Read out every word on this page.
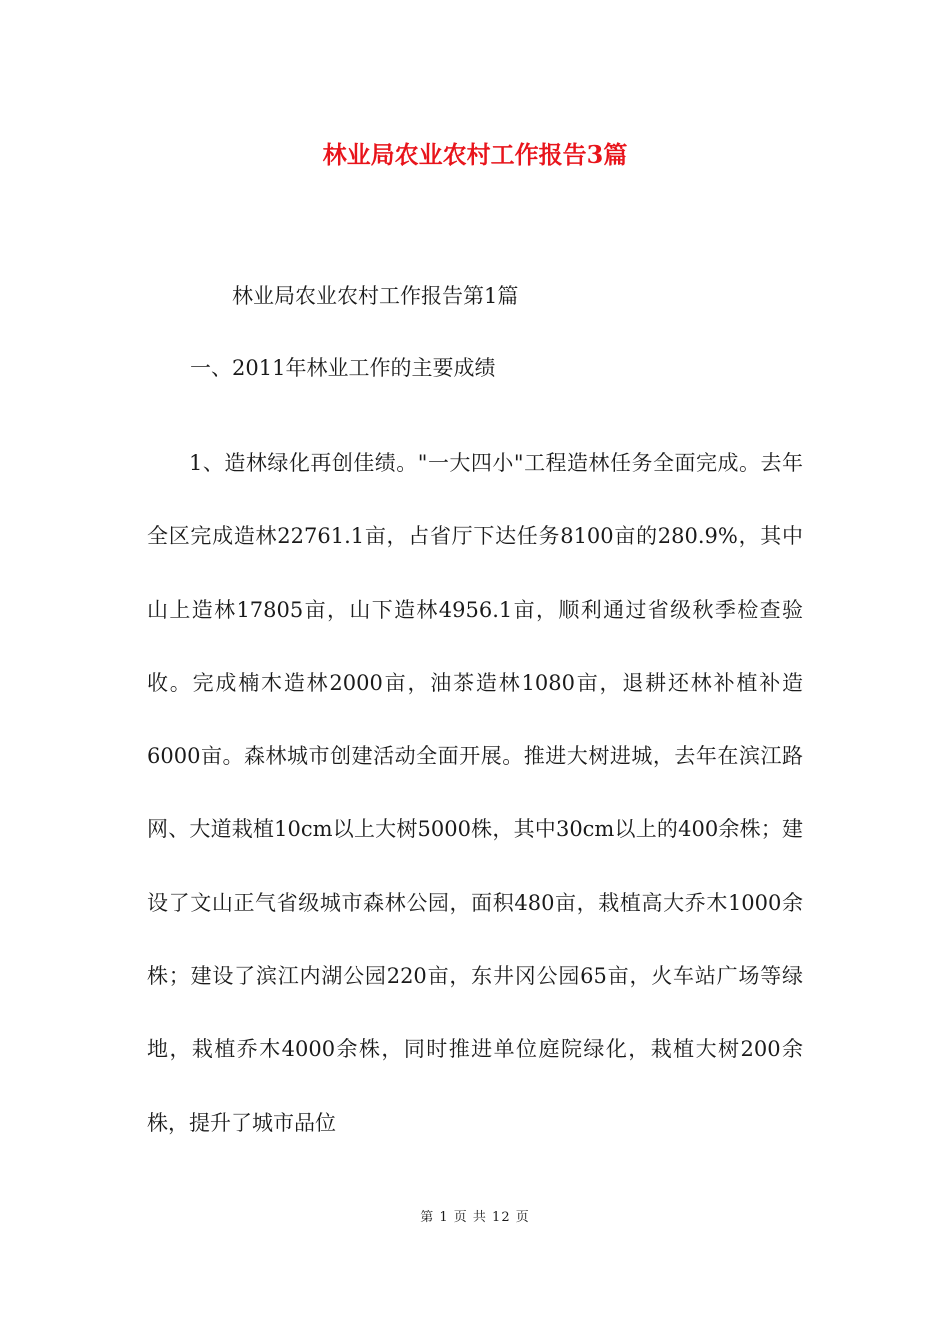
林业局农业农村工作报告3篇
林业局农业农村工作报告第1篇
一、2011年林业工作的主要成绩

1、造林绿化再创佳绩。"一大四小"工程造林任务全面完成。去年全区完成造林22761.1亩，占省厅下达任务8100亩的280.9%，其中山上造林17805亩，山下造林4956.1亩，顺利通过省级秋季检查验收。完成楠木造林2000亩，油茶造林1080亩，退耕还林补植补造6000亩。森林城市创建活动全面开展。推进大树进城，去年在滨江路网、大道栽植10cm以上大树5000株，其中30cm以上的400余株；建设了文山正气省级城市森林公园，面积480亩，栽植高大乔木1000余株；建设了滨江内湖公园220亩，东井冈公园65亩，火车站广场等绿地，栽植乔木4000余株，同时推进单位庭院绿化，栽植大树200余株，提升了城市品位

第 1 页 共 12 页
